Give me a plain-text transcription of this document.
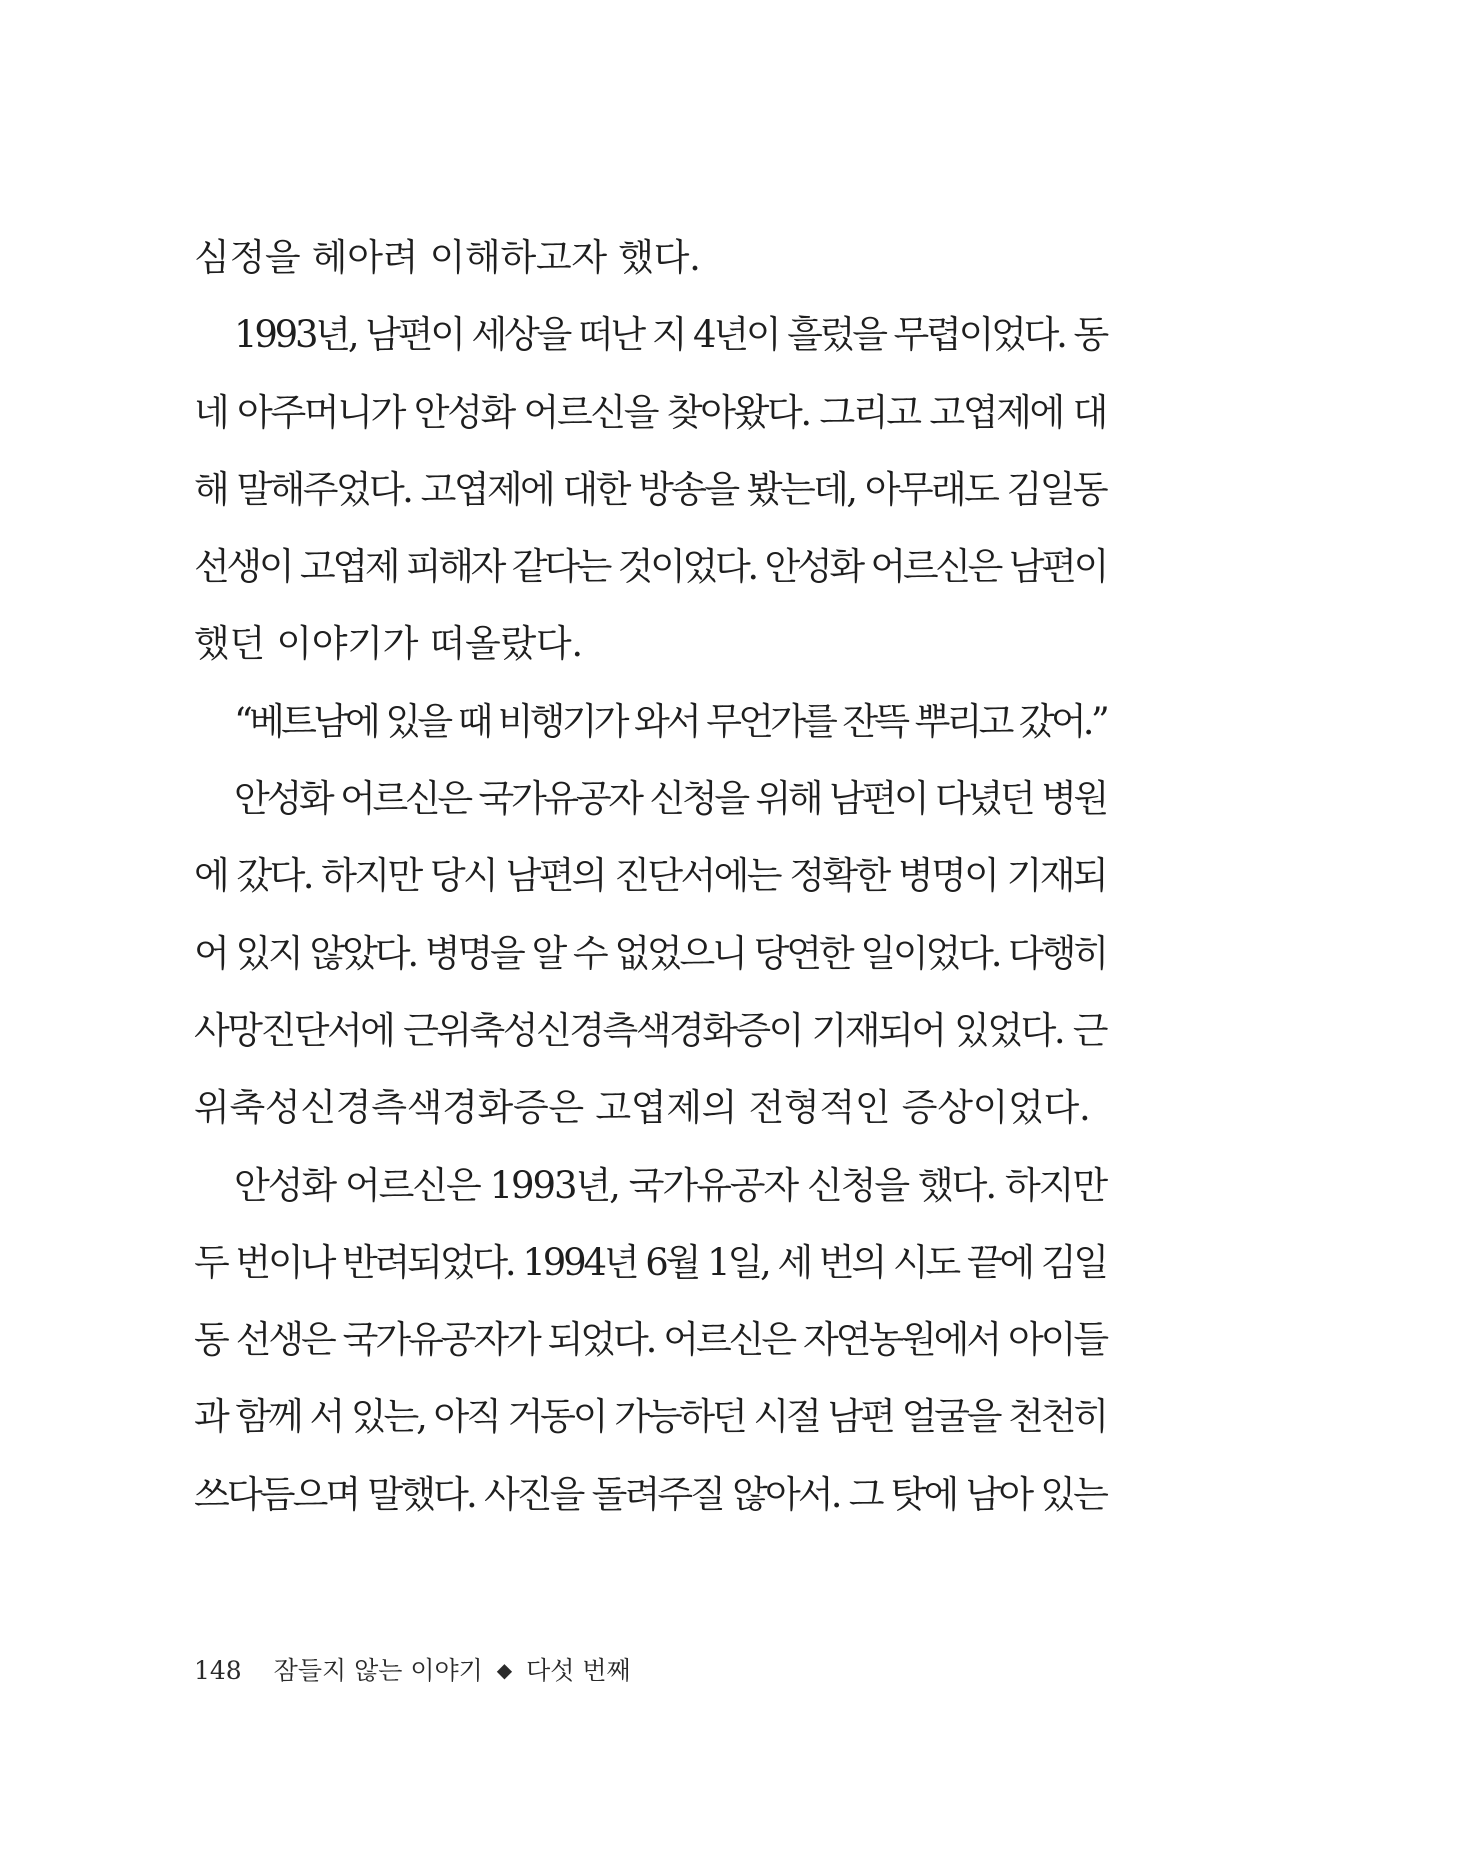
심정을 헤아려 이해하고자 했다.
1993년, 남편이 세상을 떠난 지 4년이 흘렀을 무렵이었다. 동
네 아주머니가 안성화 어르신을 찾아왔다. 그리고 고엽제에 대
해 말해주었다. 고엽제에 대한 방송을 봤는데, 아무래도 김일동
선생이 고엽제 피해자 같다는 것이었다. 안성화 어르신은 남편이
했던 이야기가 떠올랐다.
“베트남에 있을 때 비행기가 와서 무언가를 잔뜩 뿌리고 갔어.”
안성화 어르신은 국가유공자 신청을 위해 남편이 다녔던 병원
에 갔다. 하지만 당시 남편의 진단서에는 정확한 병명이 기재되
어 있지 않았다. 병명을 알 수 없었으니 당연한 일이었다. 다행히
사망진단서에 근위축성신경측색경화증이 기재되어 있었다. 근
위축성신경측색경화증은 고엽제의 전형적인 증상이었다.
안성화 어르신은 1993년, 국가유공자 신청을 했다. 하지만
두 번이나 반려되었다. 1994년 6월 1일, 세 번의 시도 끝에 김일
동 선생은 국가유공자가 되었다. 어르신은 자연농원에서 아이들
과 함께 서 있는, 아직 거동이 가능하던 시절 남편 얼굴을 천천히
쓰다듬으며 말했다. 사진을 돌려주질 않아서. 그 탓에 남아 있는
148 잠들지 않는 이야기 ◆ 다섯 번째
